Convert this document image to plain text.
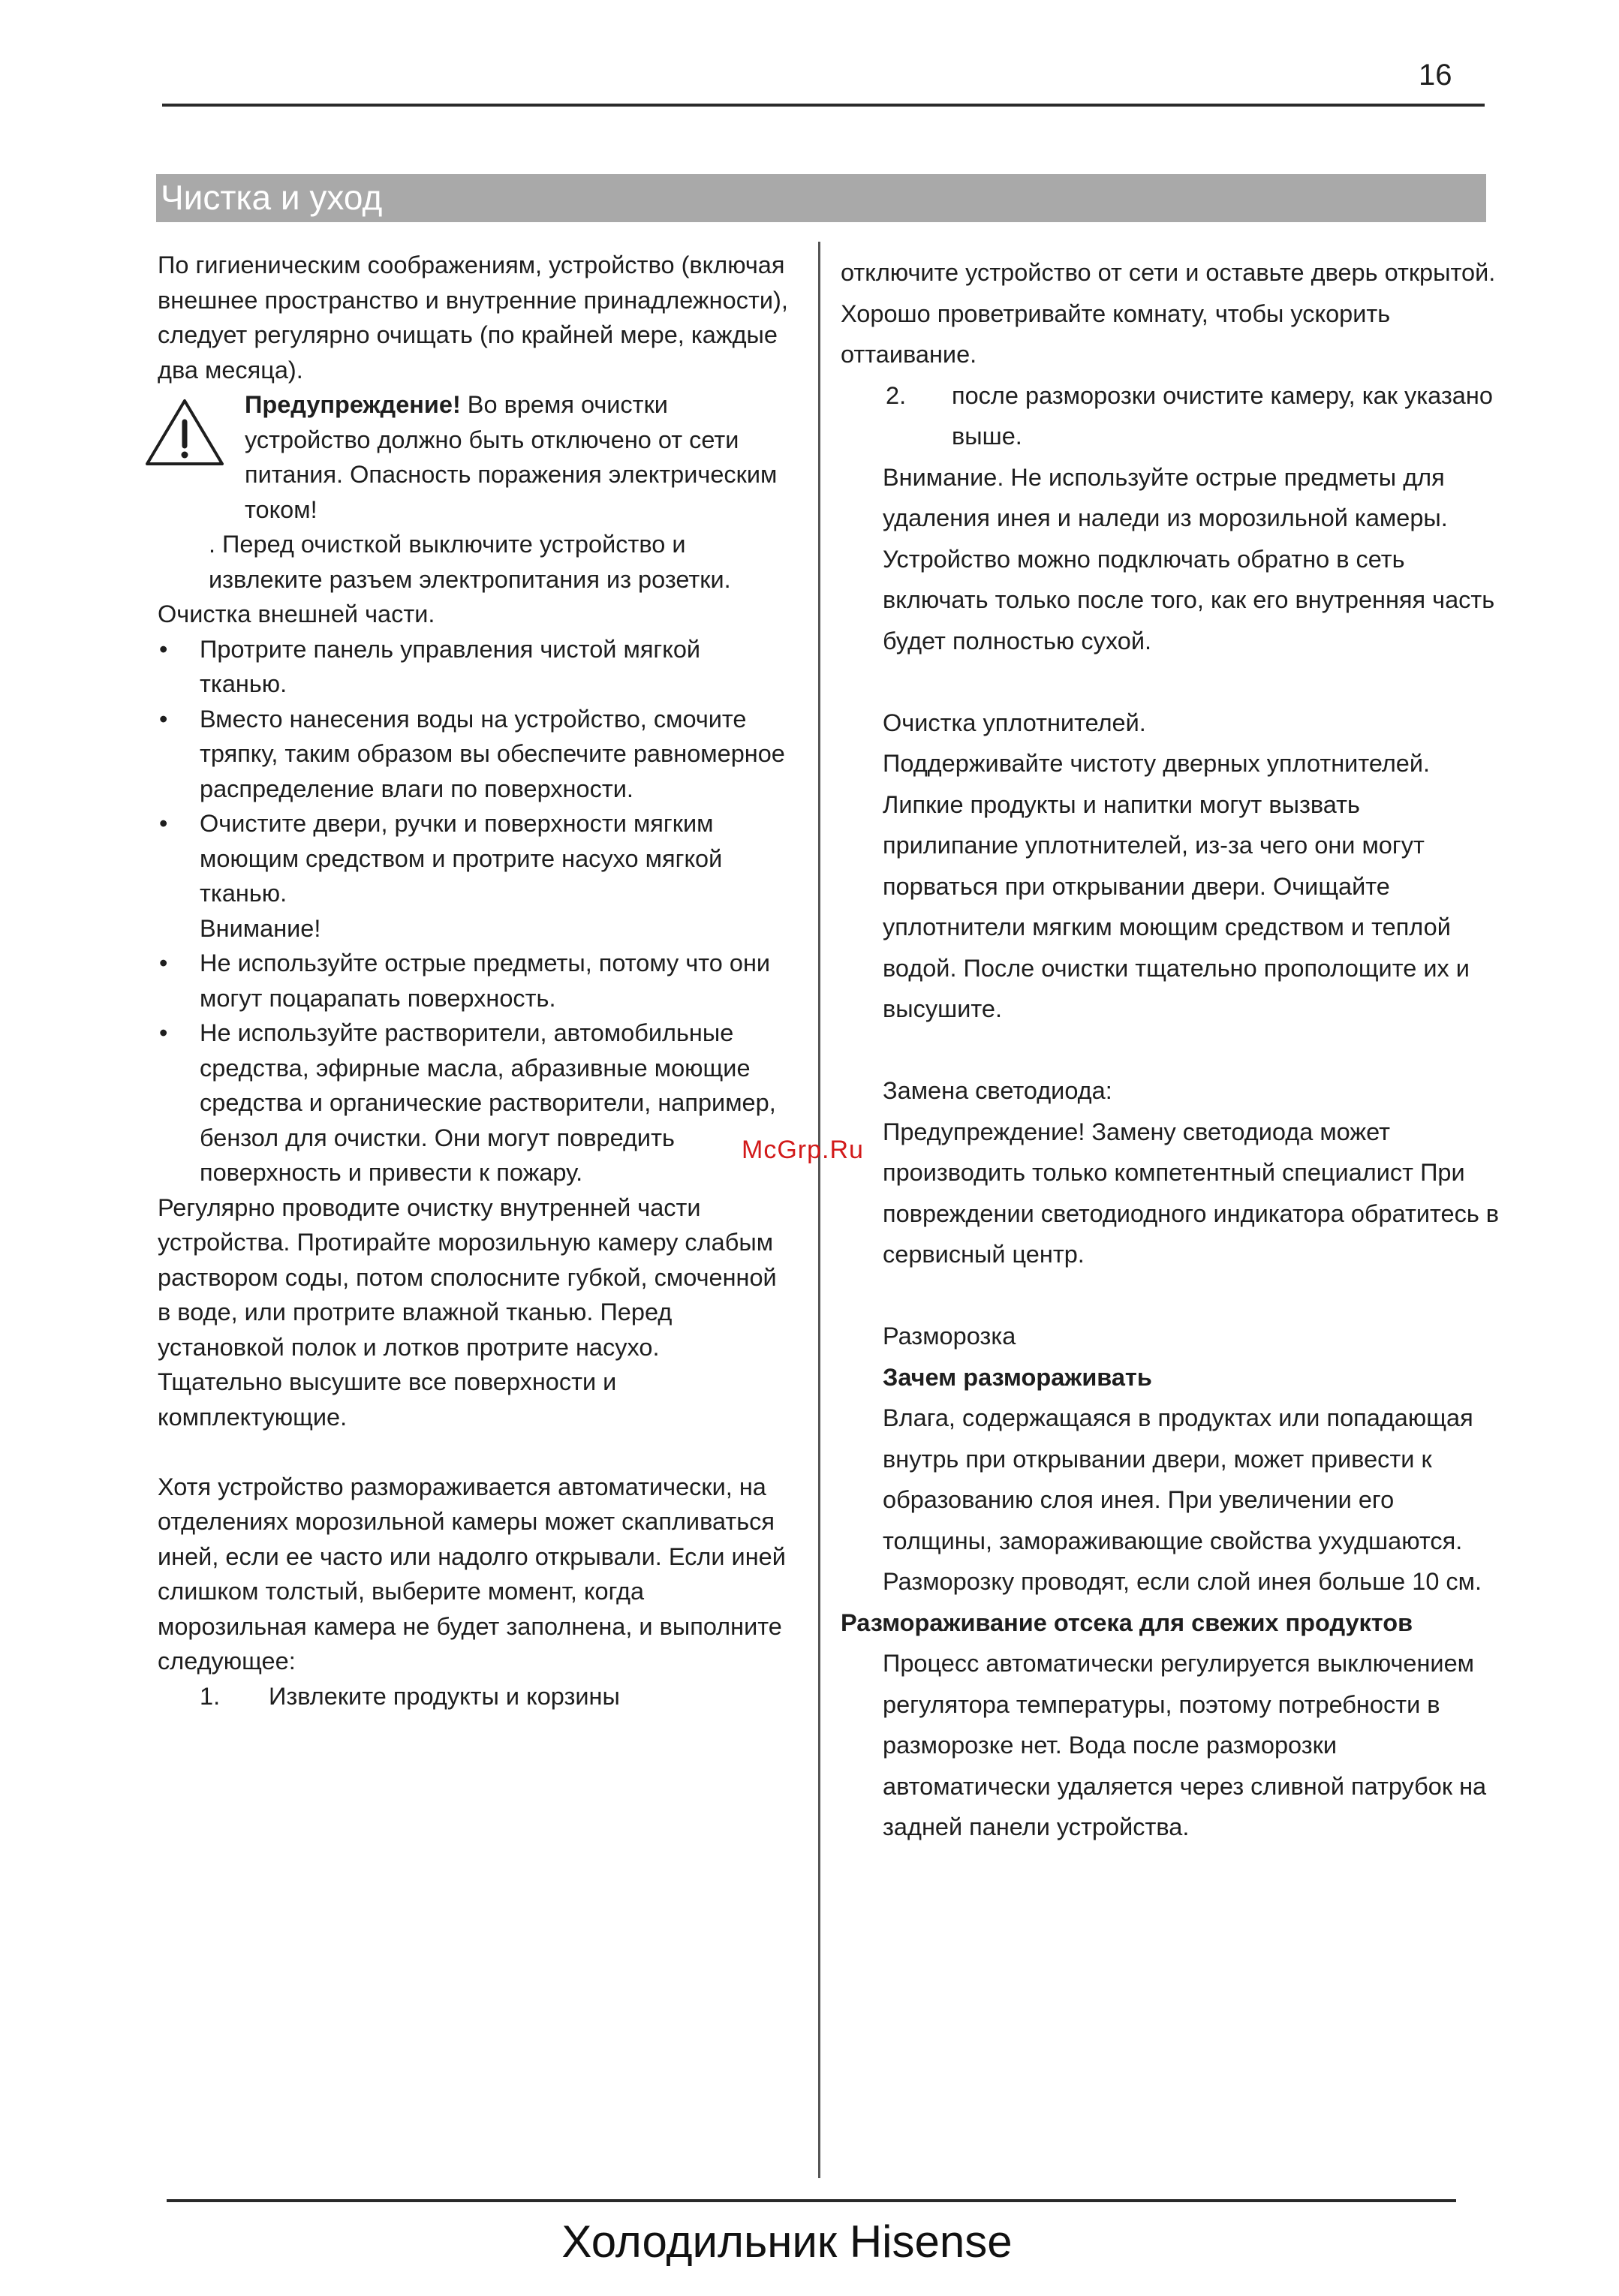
16
Чистка и уход

По гигиеническим соображениям, устройство (включая внешнее пространство и внутренние принадлежности), следует регулярно очищать (по крайней мере, каждые два месяца).

Предупреждение! Во время очистки устройство должно быть отключено от сети питания. Опасность поражения электрическим током!

. Перед очисткой выключите устройство и извлеките разъем электропитания из розетки.

Очистка внешней части.

• Протрите панель управления чистой мягкой тканью.
• Вместо нанесения воды на устройство, смочите тряпку, таким образом вы обеспечите равномерное распределение влаги по поверхности.
• Очистите двери, ручки и поверхности мягким моющим средством и протрите насухо мягкой тканью.

Внимание!

• Не используйте острые предметы, потому что они могут поцарапать поверхность.
• Не используйте растворители, автомобильные средства, эфирные масла, абразивные моющие средства и органические растворители, например, бензол для очистки. Они могут повредить поверхность и привести к пожару.

Регулярно проводите очистку внутренней части устройства. Протирайте морозильную камеру слабым раствором соды, потом сполосните губкой, смоченной в воде, или протрите влажной тканью. Перед установкой полок и лотков протрите насухо. Тщательно высушите все поверхности и комплектующие.

Хотя устройство размораживается автоматически, на отделениях морозильной камеры может скапливаться иней, если ее часто или надолго открывали. Если иней слишком толстый, выберите момент, когда морозильная камера не будет заполнена, и выполните следующее:

1. Извлеките продукты и корзины

отключите устройство от сети и оставьте дверь открытой. Хорошо проветривайте комнату, чтобы ускорить оттаивание.

2. после разморозки очистите камеру, как указано выше.

Внимание. Не используйте острые предметы для удаления инея и наледи из морозильной камеры. Устройство можно подключать обратно в сеть включать только после того, как его внутренняя часть будет полностью сухой.

Очистка уплотнителей.

Поддерживайте чистоту дверных уплотнителей. Липкие продукты и напитки могут вызвать прилипание уплотнителей, из-за чего они могут порваться при открывании двери. Очищайте уплотнители мягким моющим средством и теплой водой. После очистки тщательно прополощите их и высушите.

Замена светодиода:

Предупреждение! Замену светодиода может производить только компетентный специалист При повреждении светодиодного индикатора обратитесь в сервисный центр.

Разморозка

Зачем размораживать

Влага, содержащаяся в продуктах или попадающая внутрь при открывании двери, может привести к образованию слоя инея. При увеличении его толщины, замораживающие свойства ухудшаются. Разморозку проводят, если слой инея больше 10 см.

Размораживание отсека для свежих продуктов

Процесс автоматически регулируется выключением регулятора температуры, поэтому потребности в разморозке нет. Вода после разморозки автоматически удаляется через сливной патрубок на задней панели устройства.

McGrp.Ru
Холодильник Hisense
